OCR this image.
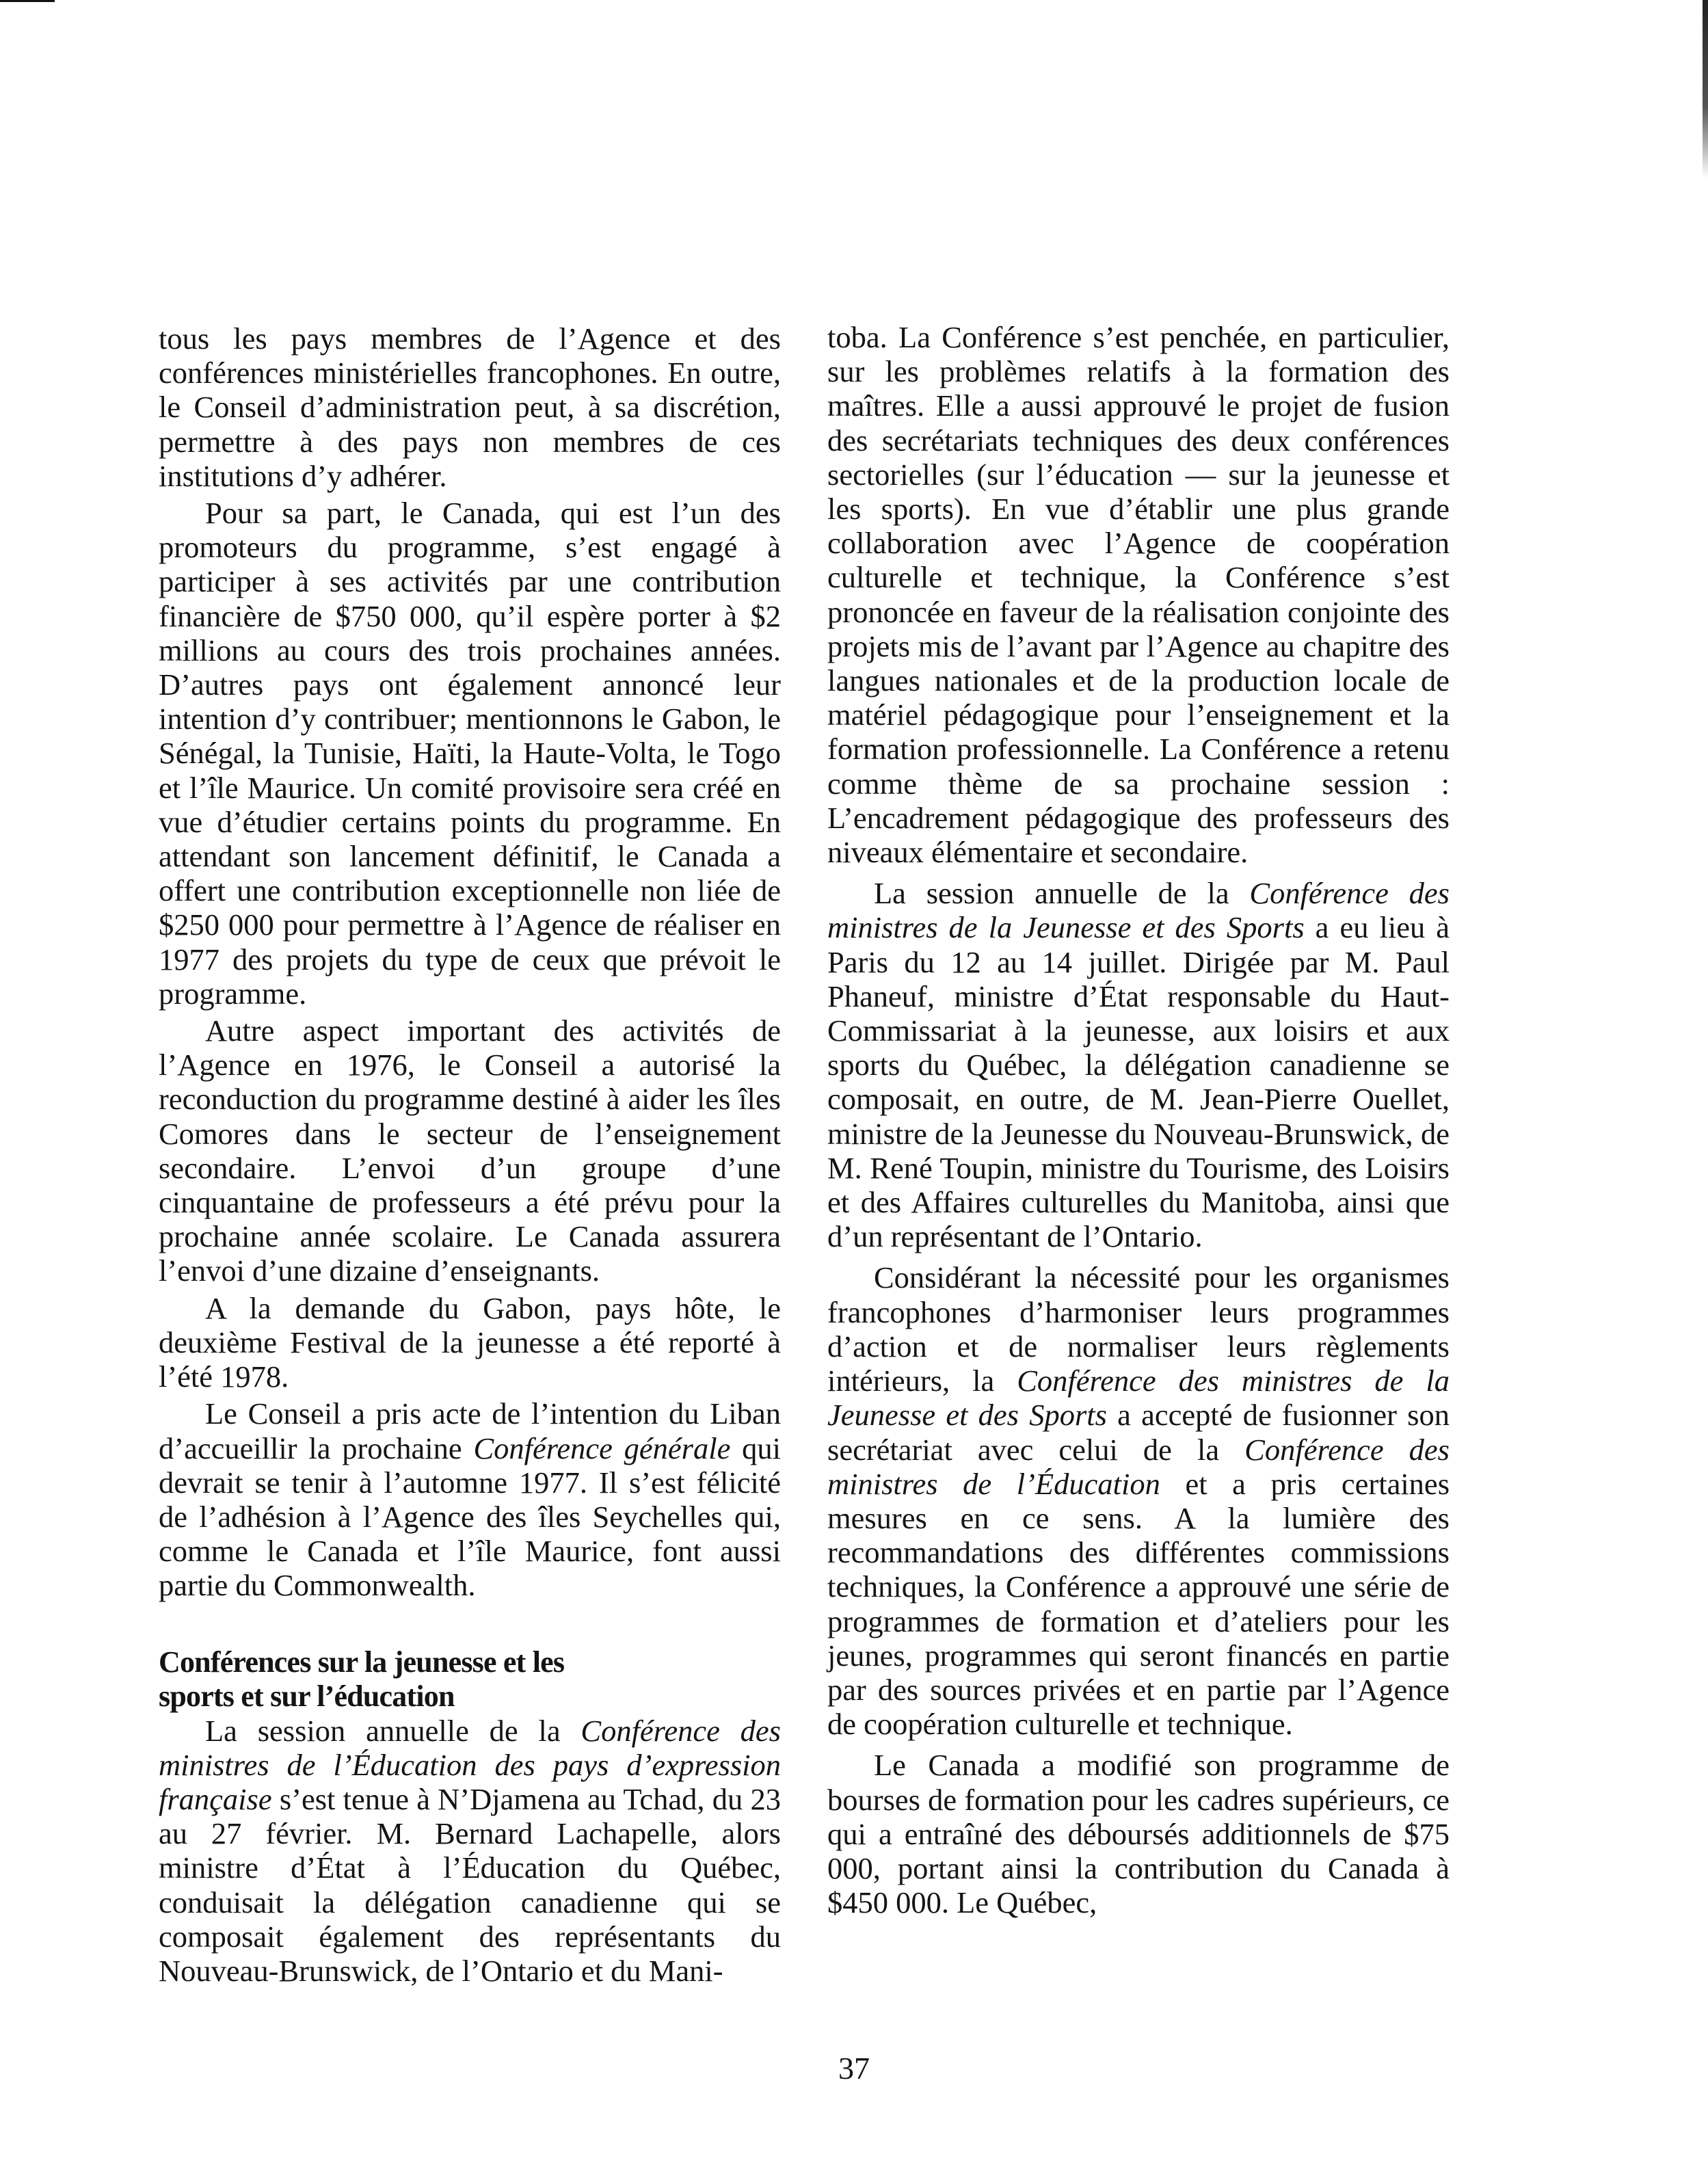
tous les pays membres de l’Agence et des conférences ministérielles francophones. En outre, le Conseil d’administration peut, à sa discrétion, permettre à des pays non membres de ces institutions d’y adhérer.

Pour sa part, le Canada, qui est l’un des promoteurs du programme, s’est engagé à participer à ses activités par une contribution financière de $750 000, qu’il espère porter à $2 millions au cours des trois prochaines années. D’autres pays ont également annoncé leur intention d’y contribuer; mentionnons le Gabon, le Sénégal, la Tunisie, Haïti, la Haute-Volta, le Togo et l’île Maurice. Un comité provisoire sera créé en vue d’étudier certains points du programme. En attendant son lancement définitif, le Canada a offert une contribution exceptionnelle non liée de $250 000 pour permettre à l’Agence de réaliser en 1977 des projets du type de ceux que prévoit le programme.

Autre aspect important des activités de l’Agence en 1976, le Conseil a autorisé la reconduction du programme destiné à aider les îles Comores dans le secteur de l’enseignement secondaire. L’envoi d’un groupe d’une cinquantaine de professeurs a été prévu pour la prochaine année scolaire. Le Canada assurera l’envoi d’une dizaine d’enseignants.

A la demande du Gabon, pays hôte, le deuxième Festival de la jeunesse a été reporté à l’été 1978.

Le Conseil a pris acte de l’intention du Liban d’accueillir la prochaine Conférence générale qui devrait se tenir à l’automne 1977. Il s’est félicité de l’adhésion à l’Agence des îles Seychelles qui, comme le Canada et l’île Maurice, font aussi partie du Commonwealth.

Conférences sur la jeunesse et les
sports et sur l’éducation

La session annuelle de la Conférence des ministres de l’Éducation des pays d’expression française s’est tenue à N’Djamena au Tchad, du 23 au 27 février. M. Bernard Lachapelle, alors ministre d’État à l’Éducation du Québec, conduisait la délégation canadienne qui se composait également des représentants du Nouveau-Brunswick, de l’Ontario et du Mani-

toba. La Conférence s’est penchée, en particulier, sur les problèmes relatifs à la formation des maîtres. Elle a aussi approuvé le projet de fusion des secrétariats techniques des deux conférences sectorielles (sur l’éducation — sur la jeunesse et les sports). En vue d’établir une plus grande collaboration avec l’Agence de coopération culturelle et technique, la Conférence s’est prononcée en faveur de la réalisation conjointe des projets mis de l’avant par l’Agence au chapitre des langues nationales et de la production locale de matériel pédagogique pour l’enseignement et la formation professionnelle. La Conférence a retenu comme thème de sa prochaine session : L’encadrement pédagogique des professeurs des niveaux élémentaire et secondaire.

La session annuelle de la Conférence des ministres de la Jeunesse et des Sports a eu lieu à Paris du 12 au 14 juillet. Dirigée par M. Paul Phaneuf, ministre d’État responsable du Haut-Commissariat à la jeunesse, aux loisirs et aux sports du Québec, la délégation canadienne se composait, en outre, de M. Jean-Pierre Ouellet, ministre de la Jeunesse du Nouveau-Brunswick, de M. René Toupin, ministre du Tourisme, des Loisirs et des Affaires culturelles du Manitoba, ainsi que d’un représentant de l’Ontario.

Considérant la nécessité pour les organismes francophones d’harmoniser leurs programmes d’action et de normaliser leurs règlements intérieurs, la Conférence des ministres de la Jeunesse et des Sports a accepté de fusionner son secrétariat avec celui de la Conférence des ministres de l’Éducation et a pris certaines mesures en ce sens. A la lumière des recommandations des différentes commissions techniques, la Conférence a approuvé une série de programmes de formation et d’ateliers pour les jeunes, programmes qui seront financés en partie par des sources privées et en partie par l’Agence de coopération culturelle et technique.

Le Canada a modifié son programme de bourses de formation pour les cadres supérieurs, ce qui a entraîné des déboursés additionnels de $75 000, portant ainsi la contribution du Canada à $450 000. Le Québec,

37
